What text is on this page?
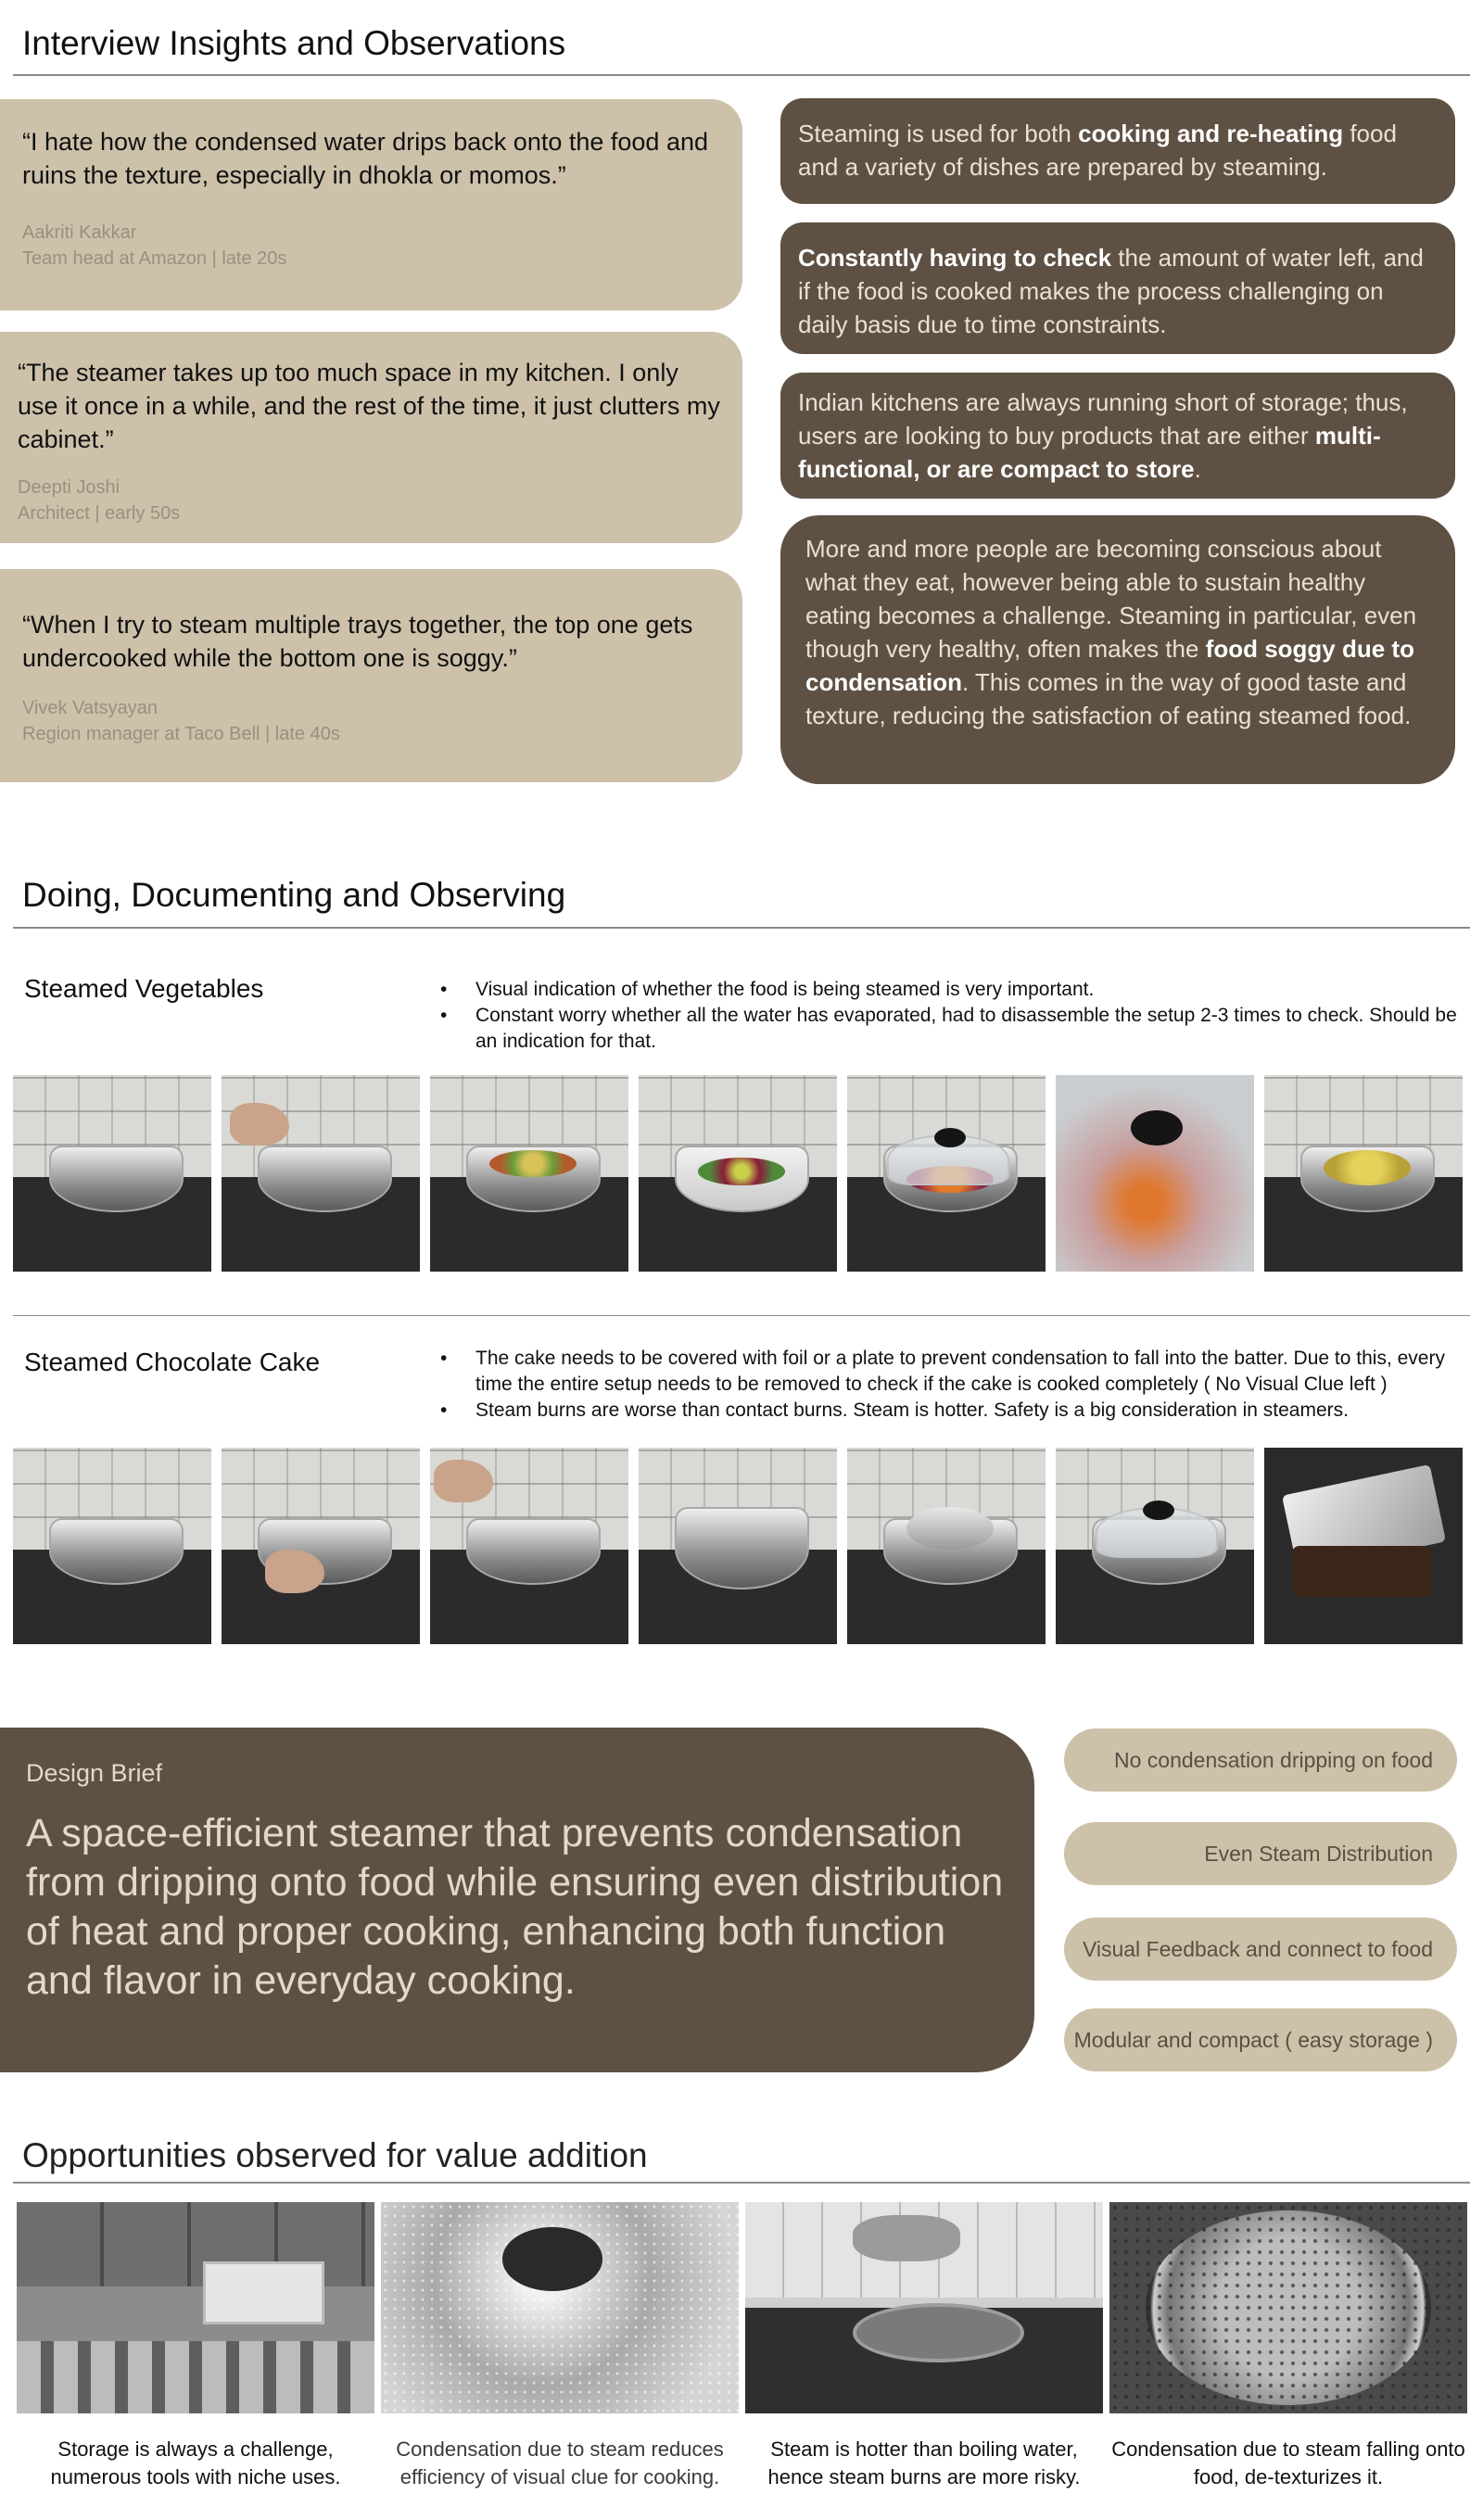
Interview Insights and Observations

“I hate how the condensed water drips back onto the food and ruins the texture, especially in dhokla or momos.”

Aakriti Kakkar
Team head at Amazon | late 20s

“The steamer takes up too much space in my kitchen. I only use it once in a while, and the rest of the time, it just clutters my cabinet.”

Deepti Joshi
Architect | early 50s

“When I try to steam multiple trays together, the top one gets undercooked while the bottom one is soggy.”

Vivek Vatsyayan
Region manager at Taco Bell | late 40s

Steaming is used for both cooking and re-heating food and a variety of dishes are prepared by steaming.
Constantly having to check the amount of water left, and if the food is cooked makes the process challenging on daily basis due to time constraints.
Indian kitchens are always running short of storage; thus, users are looking to buy products that are either multi-functional, or are compact to store.
More and more people are becoming conscious about what they eat, however being able to sustain healthy eating becomes a challenge. Steaming in particular, even though very healthy, often makes the food soggy due to condensation. This comes in the way of good taste and texture, reducing the satisfaction of eating steamed food.
Doing, Documenting and Observing
Steamed Vegetables	• Visual indication of whether the food is being steamed is very important.
• Constant worry whether all the water has evaporated, had to disassemble the setup 2-3 times to check. Should be an indication for that.
Steamed Chocolate Cake	• The cake needs to be covered with foil or a plate to prevent condensation to fall into the batter. Due to this, every time the entire setup needs to be removed to check if the cake is cooked completely ( No Visual Clue left )
• Steam burns are worse than contact burns. Steam is hotter. Safety is a big consideration in steamers.
Design Brief

A space-efficient steamer that prevents condensation from dripping onto food while ensuring even distribution of heat and proper cooking, enhancing both function and flavor in everyday cooking.

No condensation dripping on food
Even Steam Distribution
Visual Feedback and connect to food
Modular and compact ( easy storage )
Opportunities observed for value addition

Storage is always a challenge, numerous tools with niche uses.

Condensation due to steam reduces efficiency of visual clue for cooking.

Steam is hotter than boiling water, hence steam burns are more risky.

Condensation due to steam falling onto food, de-texturizes it.
